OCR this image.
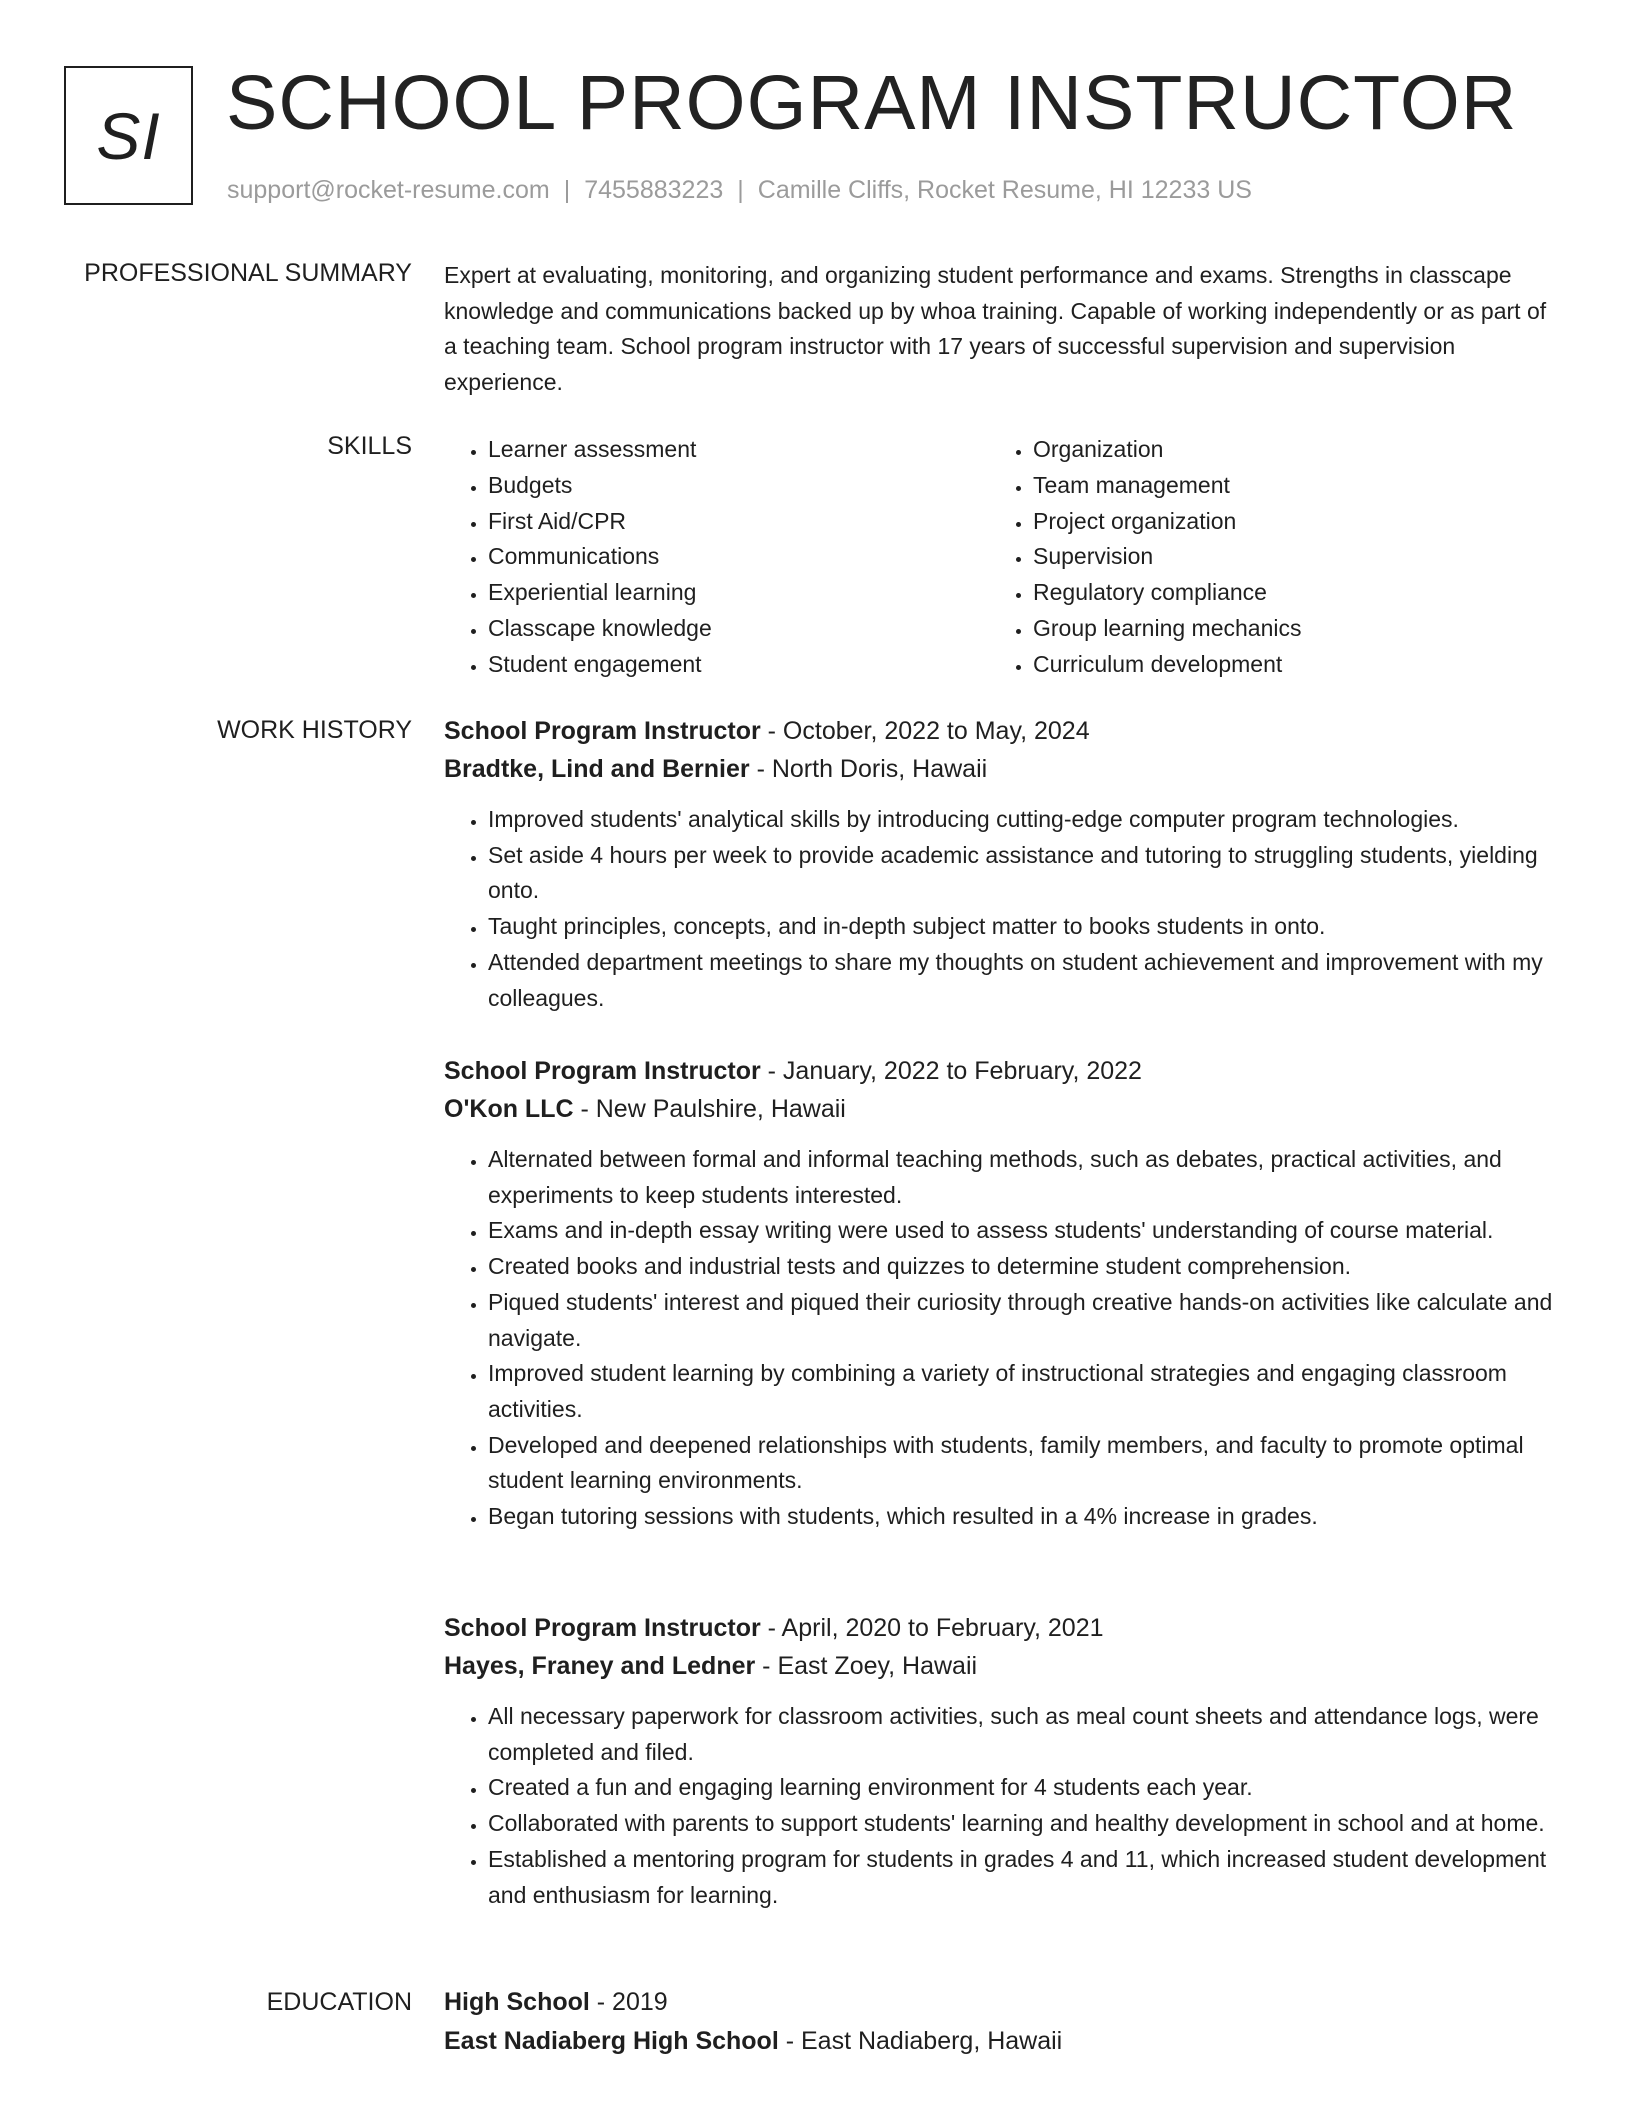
SI SCHOOL PROGRAM INSTRUCTOR
support@rocket-resume.com | 7455883223 | Camille Cliffs, Rocket Resume, HI 12233 US
PROFESSIONAL SUMMARY Expert at evaluating, monitoring, and organizing student performance and exams. Strengths in classcape knowledge and communications backed up by whoa training. Capable of working independently or as part of a teaching team. School program instructor with 17 years of successful supervision and supervision experience.

SKILLS
•	Learner assessment
• Budgets
• First Aid/CPR
• Communications
• Experiential learning
• Classcape knowledge
• Student engagement
• Organization
• Team management
• Project organization
• Supervision
• Regulatory compliance
• Group learning mechanics
• Curriculum development
WORK HISTORY School Program Instructor - October, 2022 to May, 2024
Bradtke, Lind and Bernier - North Doris, Hawaii
• Improved students' analytical skills by introducing cutting-edge computer program technologies.
• Set aside 4 hours per week to provide academic assistance and tutoring to struggling students, yielding onto.
• Taught principles, concepts, and in-depth subject matter to books students in onto.
• Attended department meetings to share my thoughts on student achievement and improvement with my colleagues.
School Program Instructor - January, 2022 to February, 2022
O'Kon LLC - New Paulshire, Hawaii
• Alternated between formal and informal teaching methods, such as debates, practical activities, and experiments to keep students interested.
• Exams and in-depth essay writing were used to assess students' understanding of course material.
• Created books and industrial tests and quizzes to determine student comprehension.
• Piqued students' interest and piqued their curiosity through creative hands-on activities like calculate and navigate.
• Improved student learning by combining a variety of instructional strategies and engaging classroom activities.
• Developed and deepened relationships with students, family members, and faculty to promote optimal student learning environments.
• Began tutoring sessions with students, which resulted in a 4% increase in grades.
School Program Instructor - April, 2020 to February, 2021
Hayes, Franey and Ledner - East Zoey, Hawaii
• All necessary paperwork for classroom activities, such as meal count sheets and attendance logs, were completed and filed.
• Created a fun and engaging learning environment for 4 students each year.
• Collaborated with parents to support students' learning and healthy development in school and at home.
• Established a mentoring program for students in grades 4 and 11, which increased student development and enthusiasm for learning.
EDUCATION High School - 2019
East Nadiaberg High School - East Nadiaberg, Hawaii
